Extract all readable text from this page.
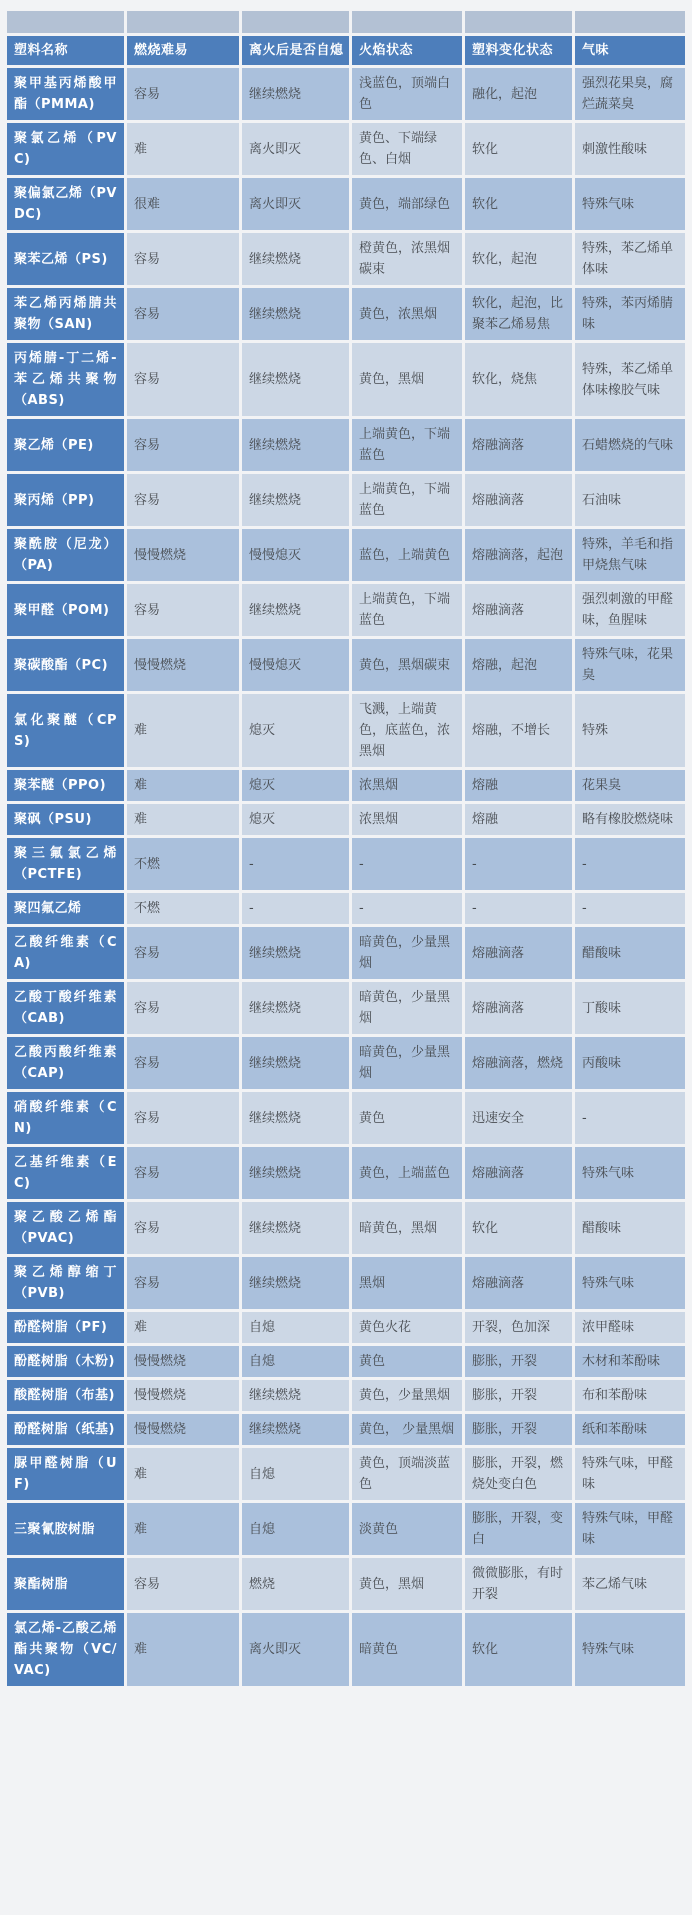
塑料名称	燃烧难易	离火后是否自熄	火焰状态	塑料变化状态	气味
聚甲基丙烯酸甲酯（PMMA)	容易	继续燃烧	浅蓝色，顶端白色	融化，起泡	强烈花果臭，腐烂蔬菜臭
聚氯乙烯（PVC)	难	离火即灭	黄色、下端绿色、白烟	软化	刺激性酸味
聚偏氯乙烯（PVDC)	很难	离火即灭	黄色，端部绿色	软化	特殊气味
聚苯乙烯（PS)	容易	继续燃烧	橙黄色，浓黑烟碳束	软化，起泡	特殊，苯乙烯单体味
苯乙烯丙烯腈共聚物（SAN)	容易	继续燃烧	黄色，浓黑烟	软化，起泡，比聚苯乙烯易焦	特殊，苯丙烯腈味
丙烯腈-丁二烯-苯乙烯共聚物（ABS)	容易	继续燃烧	黄色，黑烟	软化，烧焦	特殊，苯乙烯单体味橡胶气味
聚乙烯（PE)	容易	继续燃烧	上端黄色，下端蓝色	熔融滴落	石蜡燃烧的气味
聚丙烯（PP)	容易	继续燃烧	上端黄色，下端蓝色	熔融滴落	石油味
聚酰胺（尼龙）（PA)	慢慢燃烧	慢慢熄灭	蓝色，上端黄色	熔融滴落，起泡	特殊，羊毛和指甲烧焦气味
聚甲醛（POM)	容易	继续燃烧	上端黄色，下端蓝色	熔融滴落	强烈刺激的甲醛味，鱼腥味
聚碳酸酯（PC)	慢慢燃烧	慢慢熄灭	黄色，黑烟碳束	熔融，起泡	特殊气味，花果臭
氯化聚醚（CPS)	难	熄灭	飞溅，上端黄色，底蓝色，浓黑烟	熔融，不增长	特殊
聚苯醚（PPO)	难	熄灭	浓黑烟	熔融	花果臭
聚砜（PSU)	难	熄灭	浓黑烟	熔融	略有橡胶燃烧味
聚三氟氯乙烯（PCTFE)	不燃	-	-	-	-
聚四氟乙烯	不燃	-	-	-	-
乙酸纤维素（CA)	容易	继续燃烧	暗黄色，少量黑烟	熔融滴落	醋酸味
乙酸丁酸纤维素（CAB)	容易	继续燃烧	暗黄色，少量黑烟	熔融滴落	丁酸味
乙酸丙酸纤维素（CAP)	容易	继续燃烧	暗黄色，少量黑烟	熔融滴落，燃烧	丙酸味
硝酸纤维素（CN)	容易	继续燃烧	黄色	迅速安全	-
乙基纤维素（EC)	容易	继续燃烧	黄色，上端蓝色	熔融滴落	特殊气味
聚乙酸乙烯酯（PVAC)	容易	继续燃烧	暗黄色，黑烟	软化	醋酸味
聚乙烯醇缩丁（PVB)	容易	继续燃烧	黑烟	熔融滴落	特殊气味
酚醛树脂（PF)	难	自熄	黄色火花	开裂，色加深	浓甲醛味
酚醛树脂（木粉)	慢慢燃烧	自熄	黄色	膨胀，开裂	木材和苯酚味
酸醛树脂（布基)	慢慢燃烧	继续燃烧	黄色，少量黑烟	膨胀，开裂	布和苯酚味
酚醛树脂（纸基)	慢慢燃烧	继续燃烧	黄色， 少量黑烟	膨胀，开裂	纸和苯酚味
脲甲醛树脂（UF)	难	自熄	黄色，顶端淡蓝色	膨胀，开裂，燃烧处变白色	特殊气味，甲醛味
三聚氰胺树脂	难	自熄	淡黄色	膨胀，开裂，变白	特殊气味，甲醛味
聚酯树脂	容易	燃烧	黄色，黑烟	微微膨胀，有时开裂	苯乙烯气味
氯乙烯-乙酸乙烯酯共聚物（VC/VAC)	难	离火即灭	暗黄色	软化	特殊气味
